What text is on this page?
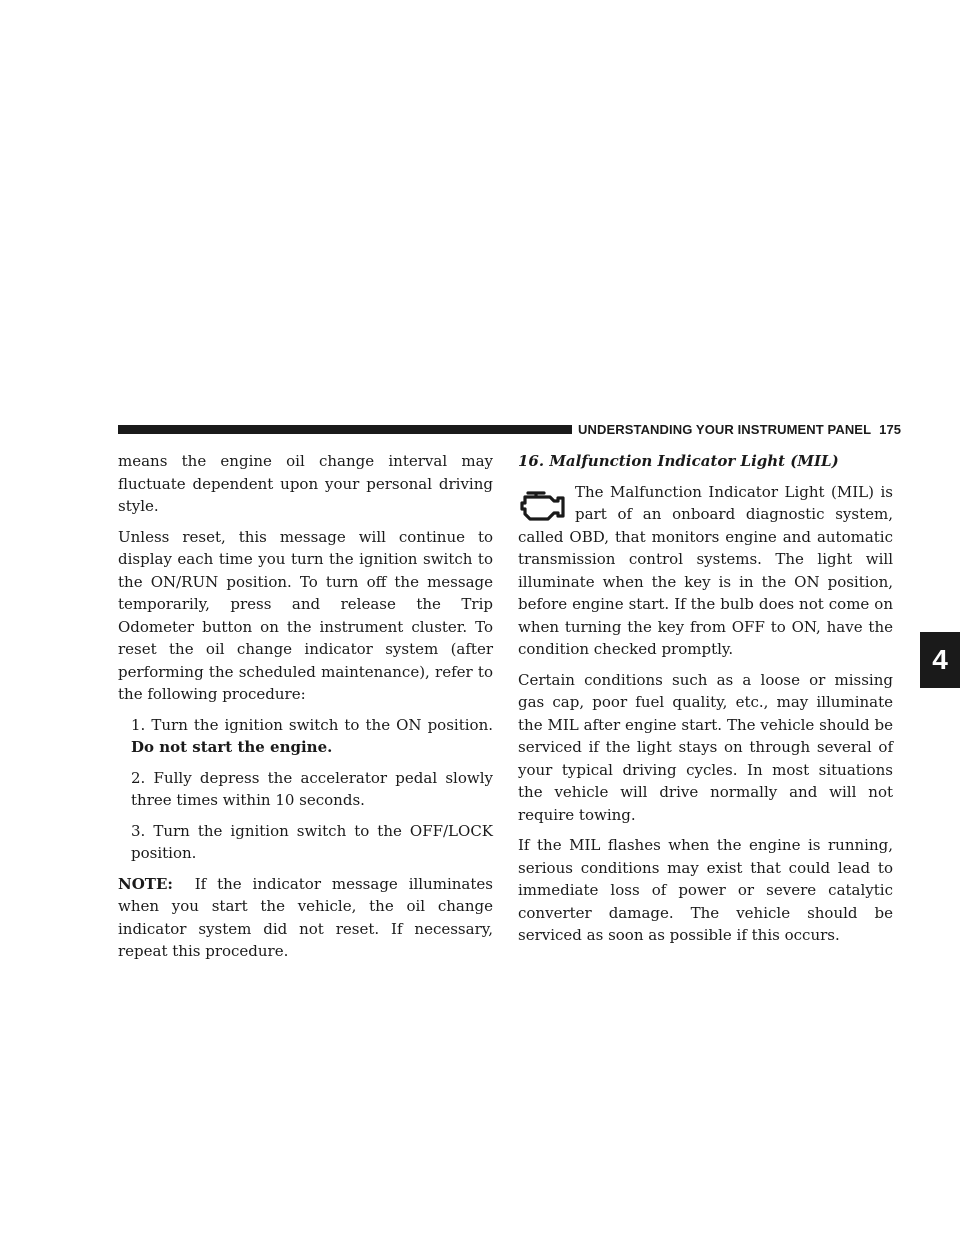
UNDERSTANDING YOUR INSTRUMENT PANEL 175
4

means the engine oil change interval may fluctuate dependent upon your personal driving style.

Unless reset, this message will continue to display each time you turn the ignition switch to the ON/RUN position. To turn off the message temporarily, press and release the Trip Odometer button on the instrument cluster. To reset the oil change indicator system (after performing the scheduled maintenance), refer to the following procedure:

1. Turn the ignition switch to the ON position. Do not start the engine.

2. Fully depress the accelerator pedal slowly three times within 10 seconds.

3. Turn the ignition switch to the OFF/LOCK position.

NOTE: If the indicator message illuminates when you start the vehicle, the oil change indicator system did not reset. If necessary, repeat this procedure.

16. Malfunction Indicator Light (MIL)

The Malfunction Indicator Light (MIL) is part of an onboard diagnostic system, called OBD, that monitors engine and automatic transmission control systems. The light will illuminate when the key is in the ON position, before engine start. If the bulb does not come on when turning the key from OFF to ON, have the condition checked promptly.

Certain conditions such as a loose or missing gas cap, poor fuel quality, etc., may illuminate the MIL after engine start. The vehicle should be serviced if the light stays on through several of your typical driving cycles. In most situations the vehicle will drive normally and will not require towing.

If the MIL flashes when the engine is running, serious conditions may exist that could lead to immediate loss of power or severe catalytic converter damage. The vehicle should be serviced as soon as possible if this occurs.
